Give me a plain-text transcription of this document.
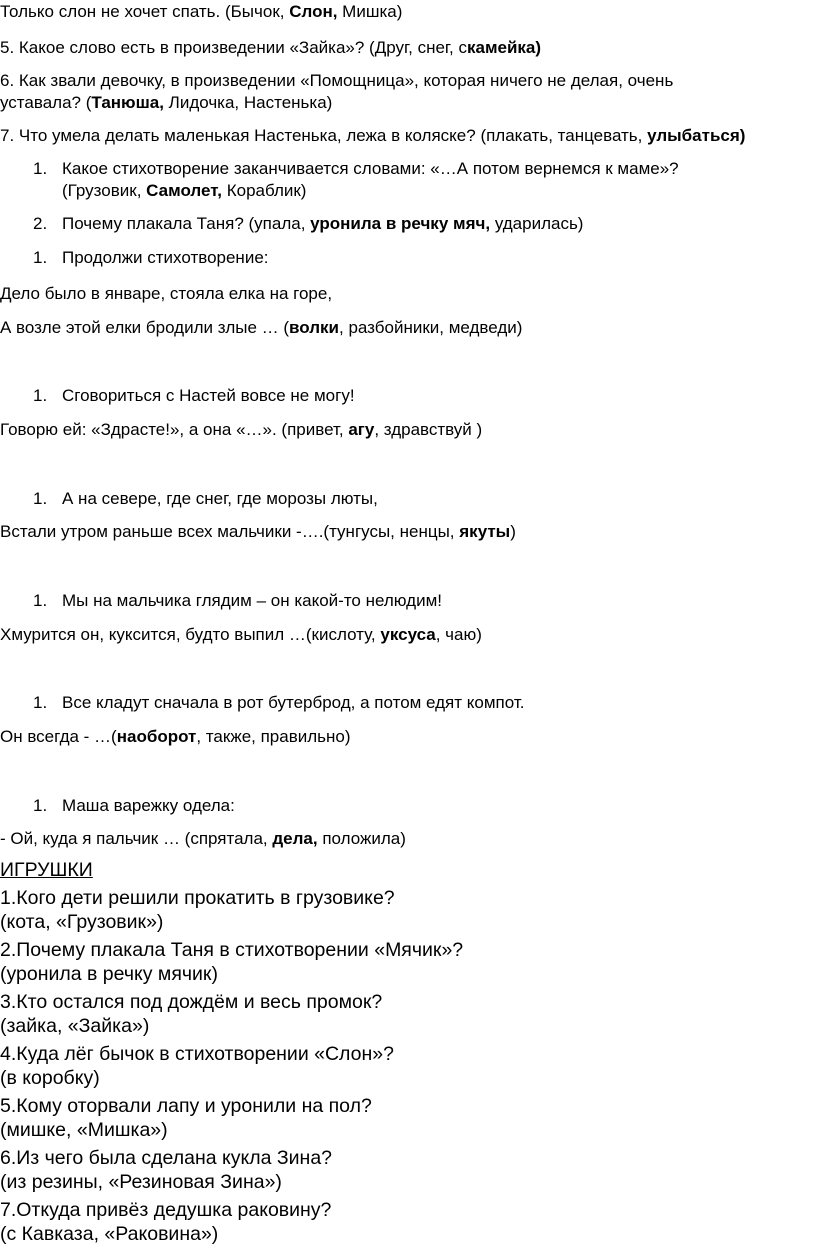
Только слон не хочет спать. (Бычок, Слон, Мишка)
5. Какое слово есть в произведении «Зайка»? (Друг, снег, скамейка)
6. Как звали девочку, в произведении «Помощница», которая ничего не делая, очень
уставала? (Танюша, Лидочка, Настенька)
7. Что умела делать маленькая Настенька, лежа в коляске? (плакать, танцевать, улыбаться)
1. Какое стихотворение заканчивается словами: «…А потом вернемся к маме»?
(Грузовик, Самолет, Кораблик)
2. Почему плакала Таня? (упала, уронила в речку мяч, ударилась)
1. Продолжи стихотворение:
Дело было в январе, стояла елка на горе,
А возле этой елки бродили злые … (волки, разбойники, медведи)
1. Сговориться с Настей вовсе не могу!
Говорю ей: «Здрасте!», а она «…». (привет, агу, здравствуй )
1. А на севере, где снег, где морозы люты,
Встали утром раньше всех мальчики -….(тунгусы, ненцы, якуты)
1. Мы на мальчика глядим – он какой-то нелюдим!
Хмурится он, куксится, будто выпил …(кислоту, уксуса, чаю)
1. Все кладут сначала в рот бутерброд, а потом едят компот.
Он всегда - …(наоборот, также, правильно)
1. Маша варежку одела:
- Ой, куда я пальчик … (спрятала, дела, положила)
ИГРУШКИ
1.Кого дети решили прокатить в грузовике?
(кота, «Грузовик»)
2.Почему плакала Таня в стихотворении «Мячик»?
(уронила в речку мячик)
3.Кто остался под дождём и весь промок?
(зайка, «Зайка»)
4.Куда лёг бычок в стихотворении «Слон»?
(в коробку)
5.Кому оторвали лапу и уронили на пол?
(мишке, «Мишка»)
6.Из чего была сделана кукла Зина?
(из резины, «Резиновая Зина»)
7.Откуда привёз дедушка раковину?
(с Кавказа, «Раковина»)
